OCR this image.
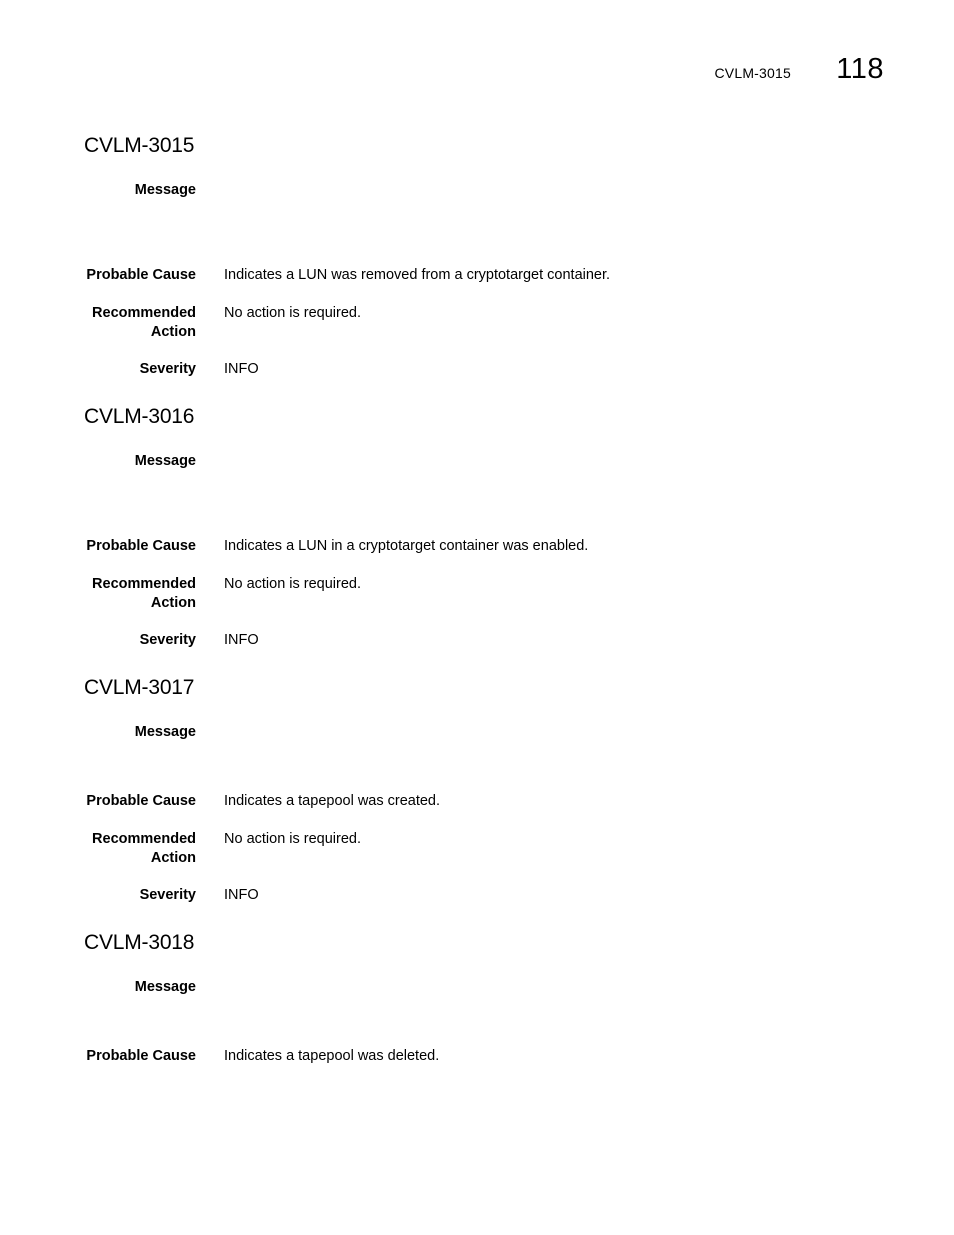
CVLM-3015 118
CVLM-3015
Message
Probable Cause Indicates a LUN was removed from a cryptotarget container.
Recommended
Action
No action is required.
Severity INFO
CVLM-3016
Message
Probable Cause Indicates a LUN in a cryptotarget container was enabled.
Recommended
Action
No action is required.
Severity INFO
CVLM-3017
Message
Probable Cause Indicates a tapepool was created.
Recommended
Action
No action is required.
Severity INFO
CVLM-3018
Message
Probable Cause Indicates a tapepool was deleted.
